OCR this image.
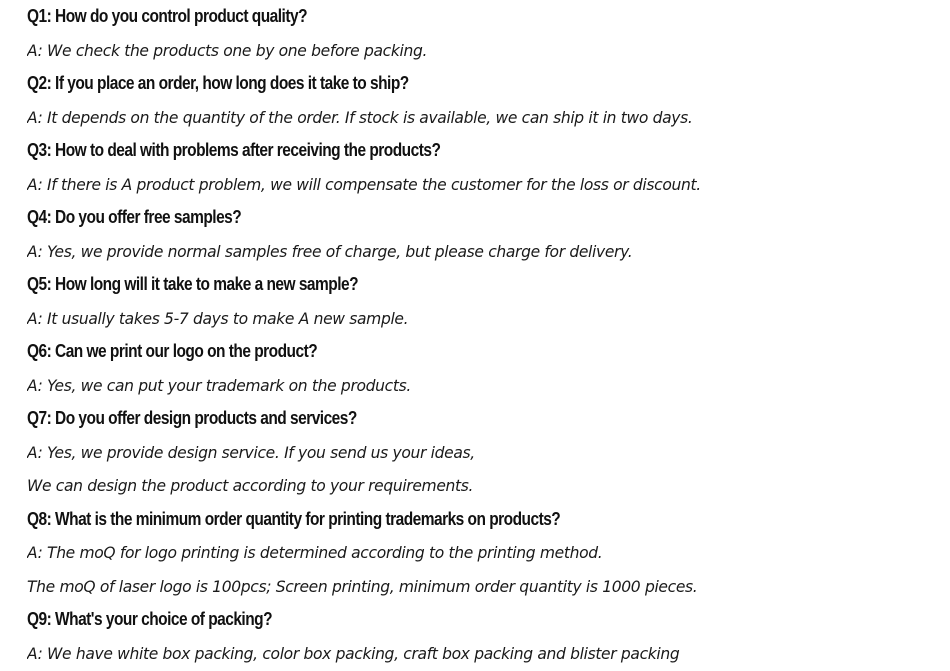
Q1: How do you control product quality?
A: We check the products one by one before packing.
Q2: If you place an order, how long does it take to ship?
A: It depends on the quantity of the order. If stock is available, we can ship it in two days.
Q3: How to deal with problems after receiving the products?
A: If there is A product problem, we will compensate the customer for the loss or discount.
Q4: Do you offer free samples?
A: Yes, we provide normal samples free of charge, but please charge for delivery.
Q5: How long will it take to make a new sample?
A: It usually takes 5-7 days to make A new sample.
Q6: Can we print our logo on the product?
A: Yes, we can put your trademark on the products.
Q7: Do you offer design products and services?
A: Yes, we provide design service. If you send us your ideas,
We can design the product according to your requirements.
Q8: What is the minimum order quantity for printing trademarks on products?
A: The moQ for logo printing is determined according to the printing method.
The moQ of laser logo is 100pcs; Screen printing, minimum order quantity is 1000 pieces.
Q9: What's your choice of packing?
A: We have white box packing, color box packing, craft box packing and blister packing
